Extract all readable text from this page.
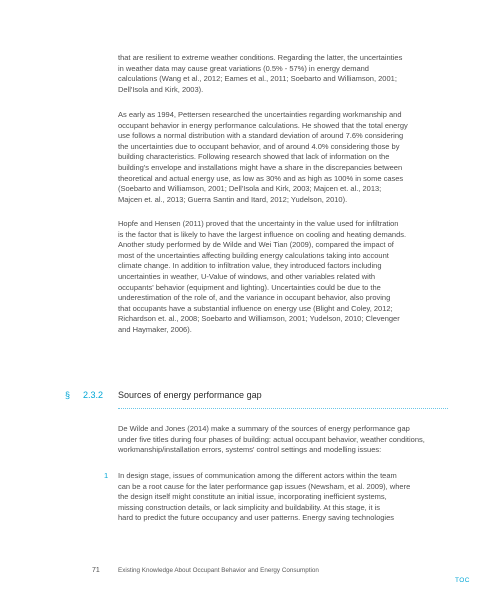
that are resilient to extreme weather conditions. Regarding the latter, the uncertainties
in weather data may cause great variations (0.5% - 57%) in energy demand
calculations (Wang et al., 2012; Eames et al., 2011; Soebarto and Williamson, 2001;
Dell'Isola and Kirk, 2003).

As early as 1994, Pettersen researched the uncertainties regarding workmanship and
occupant behavior in energy performance calculations. He showed that the total energy
use follows a normal distribution with a standard deviation of around 7.6% considering
the uncertainties due to occupant behavior, and of around 4.0% considering those by
building characteristics. Following research showed that lack of information on the
building's envelope and installations might have a share in the discrepancies between
theoretical and actual energy use, as low as 30% and as high as 100% in some cases
(Soebarto and Williamson, 2001; Dell'Isola and Kirk, 2003; Majcen et. al., 2013;
Majcen et. al., 2013; Guerra Santin and Itard, 2012; Yudelson, 2010).

Hopfe and Hensen (2011) proved that the uncertainty in the value used for infiltration
is the factor that is likely to have the largest influence on cooling and heating demands.
Another study performed by de Wilde and Wei Tian (2009), compared the impact of
most of the uncertainties affecting building energy calculations taking into account
climate change. In addition to infiltration value, they introduced factors including
uncertainties in weather, U-Value of windows, and other variables related with
occupants' behavior (equipment and lighting). Uncertainties could be due to the
underestimation of the role of, and the variance in occupant behavior, also proving
that occupants have a substantial influence on energy use (Blight and Coley, 2012;
Richardson et. al., 2008; Soebarto and Williamson, 2001; Yudelson, 2010; Clevenger
and Haymaker, 2006).

§ 2.3.2 Sources of energy performance gap

De Wilde and Jones (2014) make a summary of the sources of energy performance gap
under five titles during four phases of building: actual occupant behavior, weather conditions,
workmanship/installation errors, systems' control settings and modelling issues:

1 In design stage, issues of communication among the different actors within the team
can be a root cause for the later performance gap issues (Newsham, et al. 2009), where
the design itself might constitute an initial issue, incorporating inefficient systems,
missing construction details, or lack simplicity and buildability. At this stage, it is
hard to predict the future occupancy and user patterns. Energy saving technologies

71	Existing Knowledge About Occupant Behavior and Energy Consumption
TOC
